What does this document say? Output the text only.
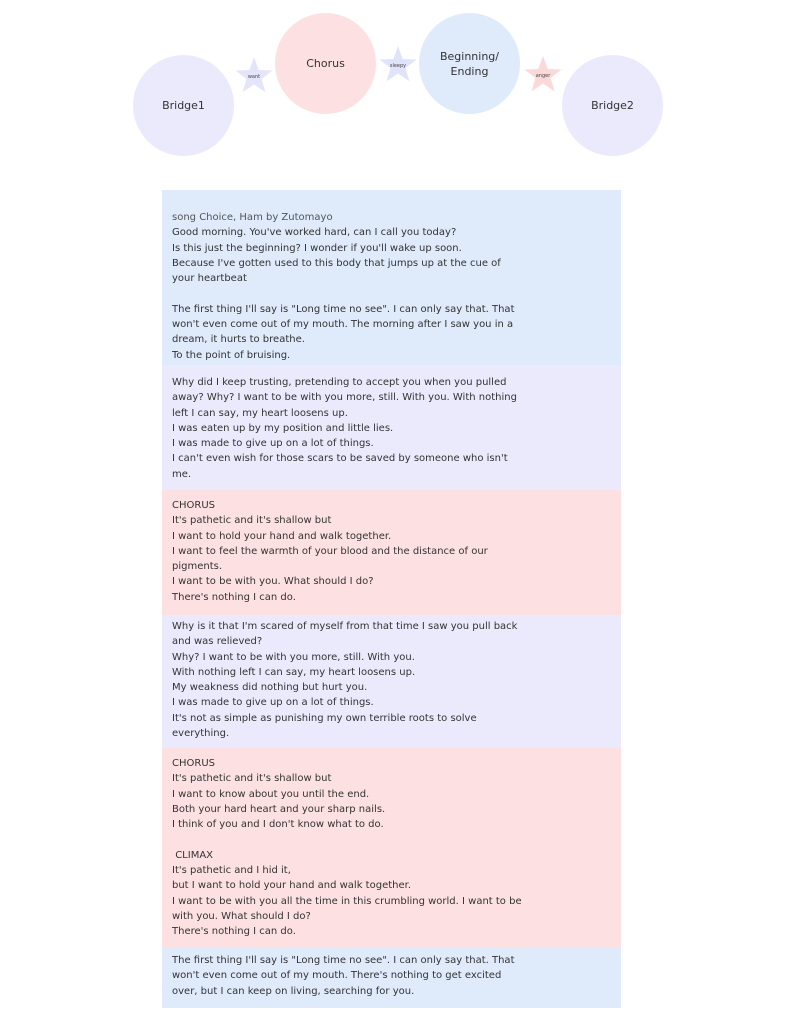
Bridge1
Chorus
Beginning/
Ending
Bridge2
want
sleepy
anger
song Choice, Ham by Zutomayo
Good morning. You've worked hard, can I call you today?
Is this just the beginning? I wonder if you'll wake up soon.
Because I've gotten used to this body that jumps up at the cue of your heartbeat
The first thing I'll say is "Long time no see". I can only say that. That won't even come out of my mouth. The morning after I saw you in a dream, it hurts to breathe.
To the point of bruising.
Why did I keep trusting, pretending to accept you when you pulled away? Why? I want to be with you more, still. With you. With nothing left I can say, my heart loosens up.
I was eaten up by my position and little lies.
I was made to give up on a lot of things.
I can't even wish for those scars to be saved by someone who isn't me.
CHORUS
It's pathetic and it's shallow but
I want to hold your hand and walk together.
I want to feel the warmth of your blood and the distance of our pigments.
I want to be with you. What should I do?
There's nothing I can do.
Why is it that I'm scared of myself from that time I saw you pull back and was relieved?
Why? I want to be with you more, still. With you.
With nothing left I can say, my heart loosens up.
My weakness did nothing but hurt you.
I was made to give up on a lot of things.
It's not as simple as punishing my own terrible roots to solve everything.
CHORUS
It's pathetic and it's shallow but
I want to know about you until the end.
Both your hard heart and your sharp nails.
I think of you and I don't know what to do.
CLIMAX
It's pathetic and I hid it,
but I want to hold your hand and walk together.
I want to be with you all the time in this crumbling world. I want to be with you. What should I do?
There's nothing I can do.
The first thing I'll say is "Long time no see". I can only say that. That won't even come out of my mouth. There's nothing to get excited over, but I can keep on living, searching for you.
